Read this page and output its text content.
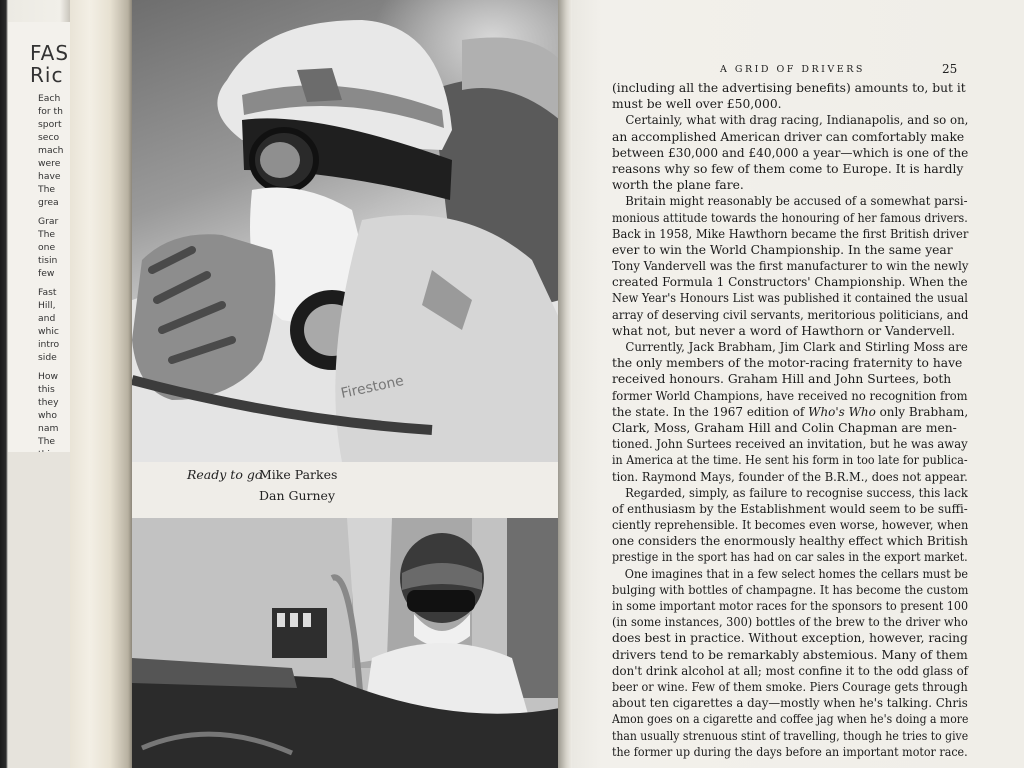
FAS
Ric
Each
for th
sport
seco
mach
were
have
The
grea
Grar
The
one
tisin
few
Fast
Hill,
and
whic
intro
side
How
this
they
who
nam
The
Firestone
Ready to go
Mike Parkes
Dan Gurney
A GRID OF DRIVERS	25
(including all the advertising benefits) amounts to, but it
must be well over £50,000.
Certainly, what with drag racing, Indianapolis, and so on,
an accomplished American driver can comfortably make
between £30,000 and £40,000 a year—which is one of the
reasons why so few of them come to Europe. It is hardly
worth the plane fare.
Britain might reasonably be accused of a somewhat parsi-
monious attitude towards the honouring of her famous drivers.
Back in 1958, Mike Hawthorn became the first British driver
ever to win the World Championship. In the same year
Tony Vandervell was the first manufacturer to win the newly
created Formula 1 Constructors' Championship. When the
New Year's Honours List was published it contained the usual
array of deserving civil servants, meritorious politicians, and
what not, but never a word of Hawthorn or Vandervell.
Currently, Jack Brabham, Jim Clark and Stirling Moss are
the only members of the motor-racing fraternity to have
received honours. Graham Hill and John Surtees, both
former World Champions, have received no recognition from
the state. In the 1967 edition of Who's Who only Brabham,
Clark, Moss, Graham Hill and Colin Chapman are men-
tioned. John Surtees received an invitation, but he was away
in America at the time. He sent his form in too late for publica-
tion. Raymond Mays, founder of the B.R.M., does not appear.
Regarded, simply, as failure to recognise success, this lack
of enthusiasm by the Establishment would seem to be suffi-
ciently reprehensible. It becomes even worse, however, when
one considers the enormously healthy effect which British
prestige in the sport has had on car sales in the export market.
One imagines that in a few select homes the cellars must be
bulging with bottles of champagne. It has become the custom
in some important motor races for the sponsors to present 100
(in some instances, 300) bottles of the brew to the driver who
does best in practice. Without exception, however, racing
drivers tend to be remarkably abstemious. Many of them
don't drink alcohol at all; most confine it to the odd glass of
beer or wine. Few of them smoke. Piers Courage gets through
about ten cigarettes a day—mostly when he's talking. Chris
Amon goes on a cigarette and coffee jag when he's doing a more
than usually strenuous stint of travelling, though he tries to give
the former up during the days before an important motor race.
